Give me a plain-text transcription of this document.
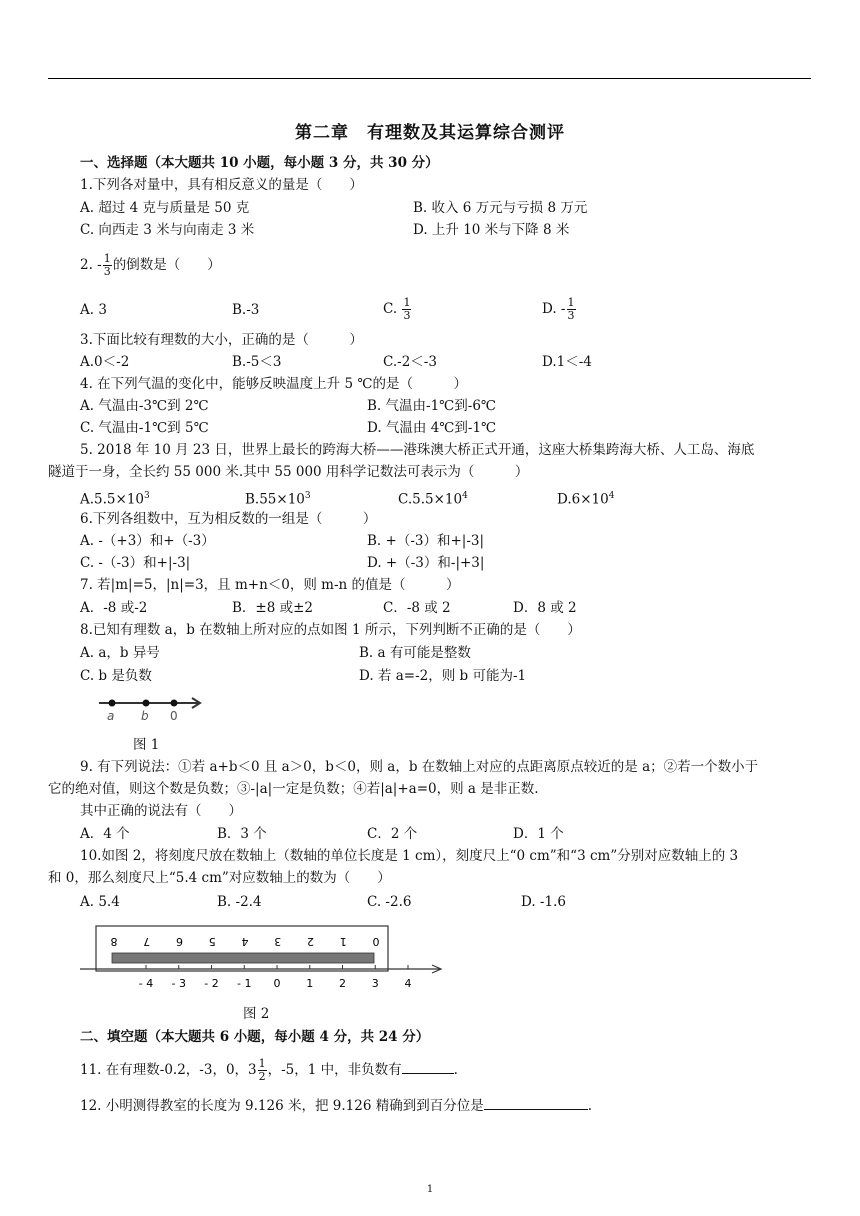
第二章　有理数及其运算综合测评
一、选择题（本大题共 10 小题，每小题 3 分，共 30 分）
1.下列各对量中，具有相反意义的量是（　　）
A. 超过 4 克与质量是 50 克	B. 收入 6 万元与亏损 8 万元
C. 向西走 3 米与向南走 3 米	D. 上升 10 米与下降 8 米
2. - $\frac{1}{3}$ 的倒数是（　　）
A. 3	B.-3	C. $\frac{1}{3}$	D. - $\frac{1}{3}$
3.下面比较有理数的大小，正确的是（　　　）
A.0＜-2	B.-5＜3	C.-2＜-3	D.1＜-4
4. 在下列气温的变化中，能够反映温度上升 5 ℃的是（　　　）
A. 气温由-3℃到 2℃	B. 气温由-1℃到-6℃
C. 气温由-1℃到 5℃	D. 气温由 4℃到-1℃
5. 2018 年 10 月 23 日，世界上最长的跨海大桥——港珠澳大桥正式开通，这座大桥集跨海大桥、人工岛、海底
隧道于一身，全长约 55 000 米.其中 55 000 用科学记数法可表示为（　　　）
$A.5.5\times 10^3$	$B.55\times 10^3$	$C.5.5\times 10^4$	$D.6\times 10^4$
6.下列各组数中，互为相反数的一组是（　　　）
A. -（+3）和+（-3）	B. +（-3）和+|-3|
C. -（-3）和+|-3|	D. +（-3）和-|+3|
7. 若|m|=5，|n|=3，且 m+n＜0，则 m-n 的值是（　　　）
A．-8 或-2	B．±8 或±2	C．-8 或 2	D．8 或 2
8.已知有理数 a，b 在数轴上所对应的点如图 1 所示，下列判断不正确的是（　　）
A. a，b 异号	B. a 有可能是整数
C. b 是负数	D. 若 a=-2，则 b 可能为-1
a b 0
图 1
9. 有下列说法：①若 a+b＜0 且 a＞0，b＜0，则 a，b 在数轴上对应的点距离原点较近的是 a；②若一个数小于
它的绝对值，则这个数是负数；③-|a|一定是负数；④若|a|+a=0，则 a 是非正数.
其中正确的说法有（　　）
A．4 个	B．3 个	C．2 个	D．1 个
10.如图 2，将刻度尺放在数轴上（数轴的单位长度是 1 cm），刻度尺上“0 cm”和“3 cm”分别对应数轴上的 3
和 0，那么刻度尺上“5.4 cm”对应数轴上的数为（　　）
A. 5.4	B. -2.4	C. -2.6	D. -1.6
8 7 6 5 4 3 2 1 0
- 4 - 3 - 2 - 1 0 1 2 3 4
图 2
二、填空题（本大题共 6 小题，每小题 4 分，共 24 分）
11. 在有理数-0.2，-3，0，$3 \frac{1}{2}$ ，-5，1 中，非负数有	.
12. 小明测得教室的长度为 9.126 米，把 9.126 精确到到百分位是	.
1
